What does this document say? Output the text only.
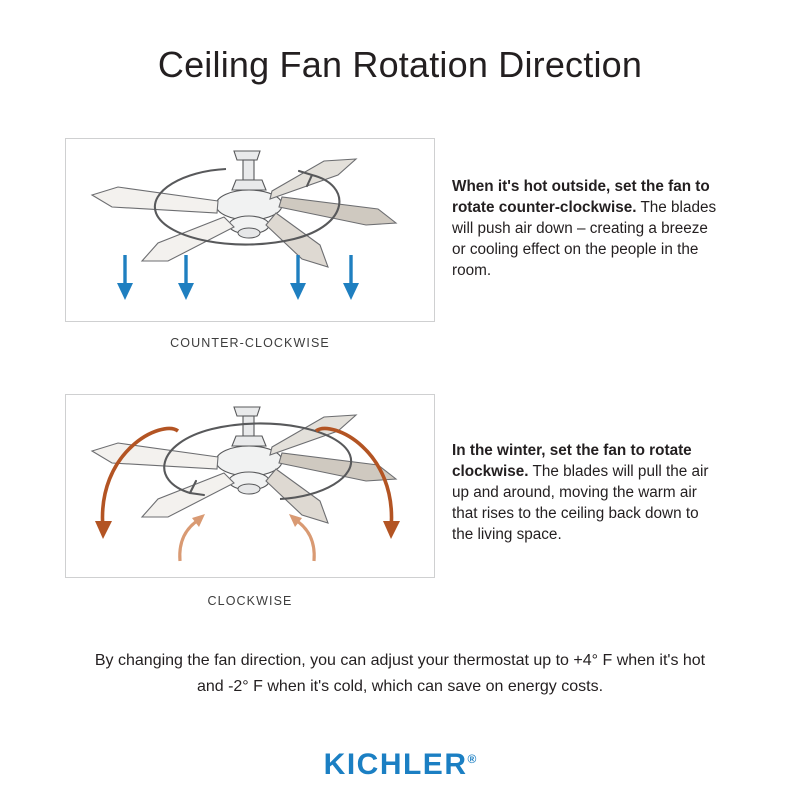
Ceiling Fan Rotation Direction
COUNTER-CLOCKWISE
When it's hot outside, set the fan to rotate counter-clockwise. The blades will push air down – creating a breeze or cooling effect on the people in the room.
CLOCKWISE
In the winter, set the fan to rotate clockwise. The blades will pull the air up and around, moving the warm air that rises to the ceiling back down to the living space.
By changing the fan direction, you can adjust your thermostat up to +4° F when it's hot and -2° F when it's cold, which can save on energy costs.
KICHLER®
